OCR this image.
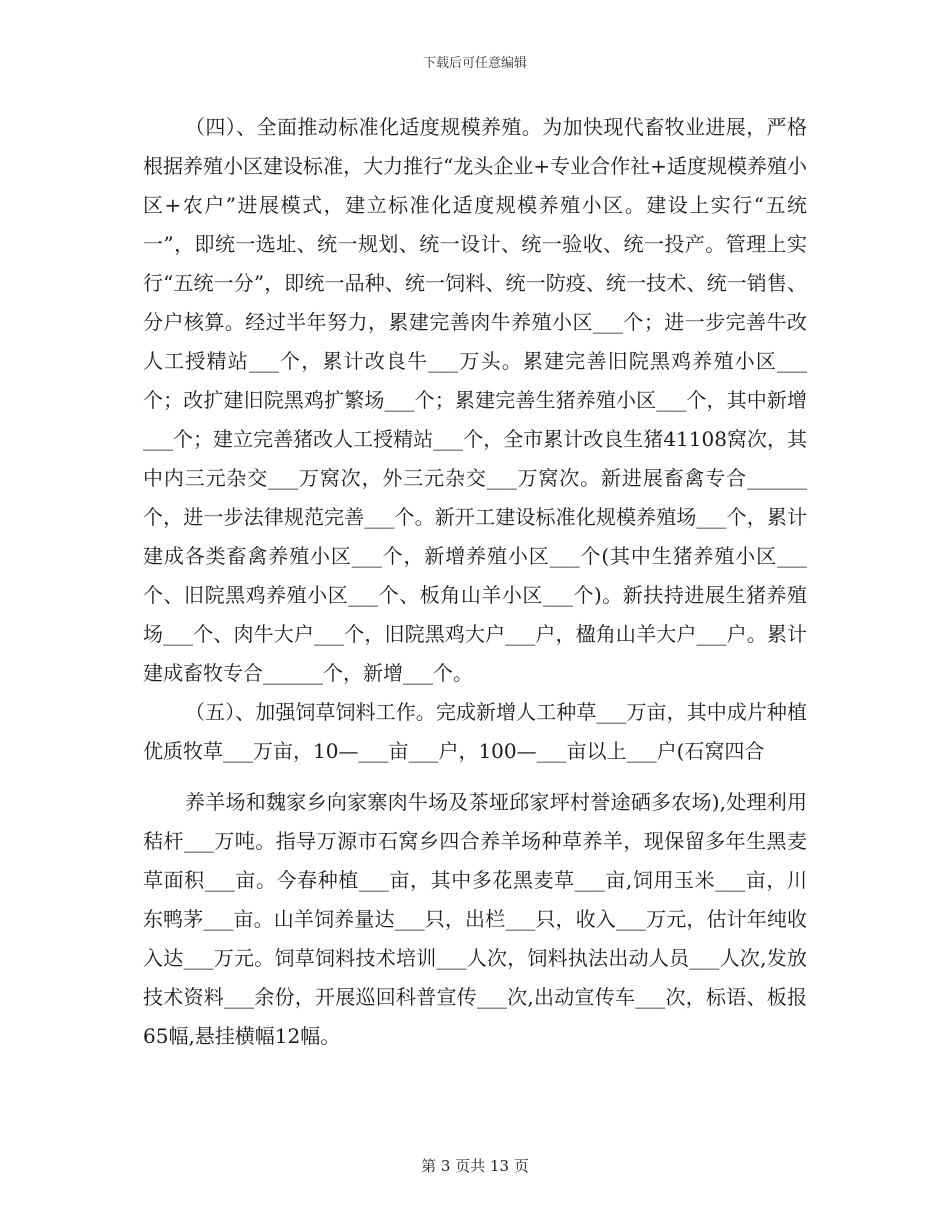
下载后可任意编辑

（四）、全面推动标准化适度规模养殖。为加快现代畜牧业进展，严格根据养殖小区建设标准，大力推行“龙头企业+专业合作社+适度规模养殖小区+农户”进展模式，建立标准化适度规模养殖小区。建设上实行“五统一”，即统一选址、统一规划、统一设计、统一验收、统一投产。管理上实行“五统一分”，即统一品种、统一饲料、统一防疫、统一技术、统一销售、分户核算。经过半年努力，累建完善肉牛养殖小区___个；进一步完善牛改人工授精站___个，累计改良牛___万头。累建完善旧院黑鸡养殖小区___个；改扩建旧院黑鸡扩繁场___个；累建完善生猪养殖小区___个，其中新增___个；建立完善猪改人工授精站___个，全市累计改良生猪41108窝次，其中内三元杂交___万窝次，外三元杂交___万窝次。新进展畜禽专合______个，进一步法律规范完善___个。新开工建设标准化规模养殖场___个，累计建成各类畜禽养殖小区___个，新增养殖小区___个(其中生猪养殖小区___个、旧院黑鸡养殖小区___个、板角山羊小区___个)。新扶持进展生猪养殖场___个、肉牛大户___个，旧院黑鸡大户___户，楹角山羊大户___户。累计建成畜牧专合______个，新增___个。

（五）、加强饲草饲料工作。完成新增人工种草___万亩，其中成片种植优质牧草___万亩，10—___亩___户，100—___亩以上___户(石窝四合

养羊场和魏家乡向家寨肉牛场及茶垭邱家坪村誉途硒多农场),处理利用秸杆___万吨。指导万源市石窝乡四合养羊场种草养羊，现保留多年生黑麦草面积___亩。今春种植___亩，其中多花黑麦草___亩,饲用玉米___亩，川东鸭茅___亩。山羊饲养量达___只，出栏___只，收入___万元，估计年纯收入达___万元。饲草饲料技术培训___人次，饲料执法出动人员___人次,发放技术资料___余份，开展巡回科普宣传___次,出动宣传车___次，标语、板报65幅,悬挂横幅12幅。

第 3 页共 13 页
